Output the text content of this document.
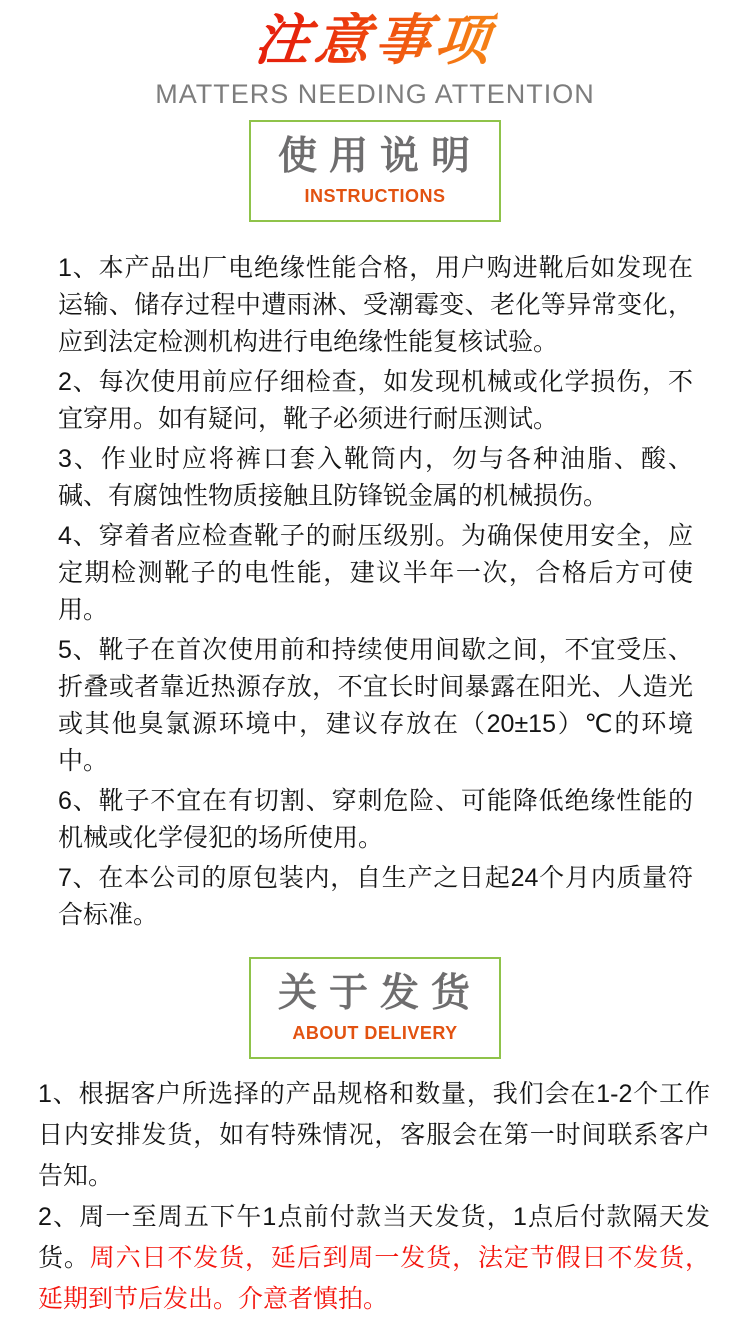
注意事项
MATTERS NEEDING ATTENTION
使用说明
INSTRUCTIONS

1、本产品出厂电绝缘性能合格，用户购进靴后如发现在运输、储存过程中遭雨淋、受潮霉变、老化等异常变化，应到法定检测机构进行电绝缘性能复核试验。

2、每次使用前应仔细检查，如发现机械或化学损伤，不宜穿用。如有疑问，靴子必须进行耐压测试。

3、作业时应将裤口套入靴筒内，勿与各种油脂、酸、碱、有腐蚀性物质接触且防锋锐金属的机械损伤。

4、穿着者应检查靴子的耐压级别。为确保使用安全，应定期检测靴子的电性能，建议半年一次，合格后方可使用。

5、靴子在首次使用前和持续使用间歇之间，不宜受压、折叠或者靠近热源存放，不宜长时间暴露在阳光、人造光或其他臭氯源环境中，建议存放在（20±15）℃的环境中。

6、靴子不宜在有切割、穿刺危险、可能降低绝缘性能的机械或化学侵犯的场所使用。

7、在本公司的原包装内，自生产之日起24个月内质量符合标准。

关于发货
ABOUT DELIVERY

1、根据客户所选择的产品规格和数量，我们会在1-2个工作日内安排发货，如有特殊情况，客服会在第一时间联系客户告知。

2、周一至周五下午1点前付款当天发货，1点后付款隔天发货。周六日不发货，延后到周一发货，法定节假日不发货，延期到节后发出。介意者慎拍。
